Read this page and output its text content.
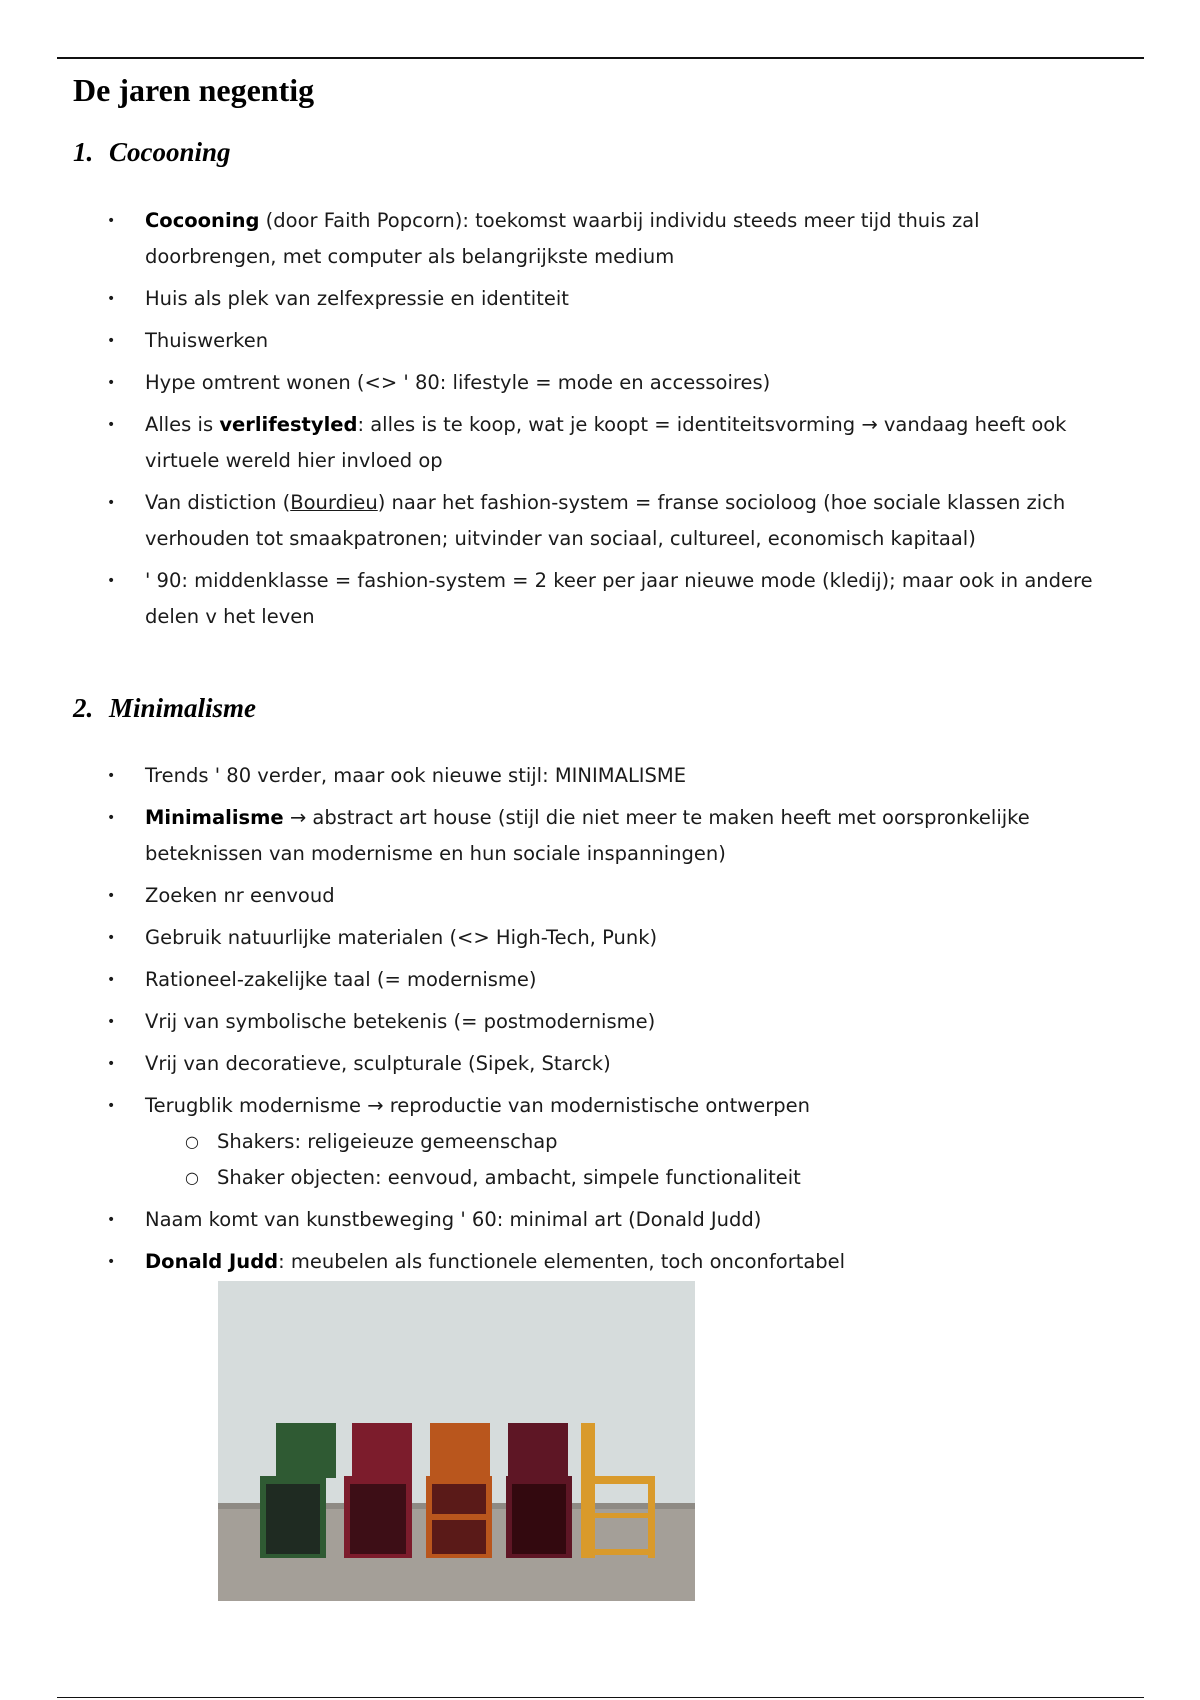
De jaren negentig
1. Cocooning
• Cocooning (door Faith Popcorn): toekomst waarbij individu steeds meer tijd thuis zal doorbrengen, met computer als belangrijkste medium
• Huis als plek van zelfexpressie en identiteit
• Thuiswerken
• Hype omtrent wonen (<> ' 80: lifestyle = mode en accessoires)
• Alles is verlifestyled: alles is te koop, wat je koopt = identiteitsvorming → vandaag heeft ook virtuele wereld hier invloed op
• Van distiction (Bourdieu) naar het fashion-system = franse socioloog (hoe sociale klassen zich verhouden tot smaakpatronen; uitvinder van sociaal, cultureel, economisch kapitaal)
• ' 90: middenklasse = fashion-system = 2 keer per jaar nieuwe mode (kledij); maar ook in andere delen v het leven
2. Minimalisme
• Trends ' 80 verder, maar ook nieuwe stijl: MINIMALISME
• Minimalisme → abstract art house (stijl die niet meer te maken heeft met oorspronkelijke beteknissen van modernisme en hun sociale inspanningen)
• Zoeken nr eenvoud
• Gebruik natuurlijke materialen (<> High-Tech, Punk)
• Rationeel-zakelijke taal (= modernisme)
• Vrij van symbolische betekenis (= postmodernisme)
• Vrij van decoratieve, sculpturale (Sipek, Starck)
• Terugblik modernisme → reproductie van modernistische ontwerpen
○ Shakers: religeieuze gemeenschap
○ Shaker objecten: eenvoud, ambacht, simpele functionaliteit
• Naam komt van kunstbeweging ' 60: minimal art (Donald Judd)
• Donald Judd: meubelen als functionele elementen, toch onconfortabel
